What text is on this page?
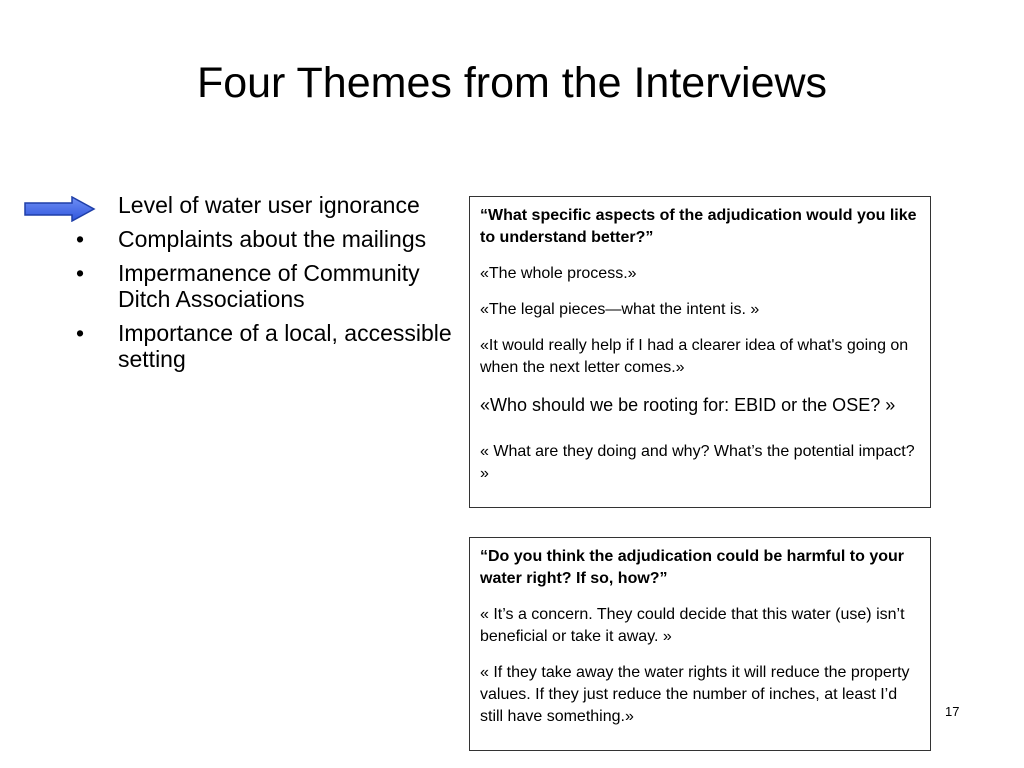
Four Themes from the Interviews
Level of water user ignorance
•	Complaints about the mailings
•	Impermanence of Community Ditch Associations
•	Importance of a local, accessible setting

“What specific aspects of the adjudication would you like to understand better?”

«The whole process.»

«The legal pieces—what the intent is. »

«It would really help if I had a clearer idea of what's going on when the next letter comes.»

«Who should we be rooting for: EBID or the OSE? »

« What are they doing and why? What’s the potential impact? »

“Do you think the adjudication could be harmful to your water right? If so, how?”

« It’s a concern. They could decide that this water (use) isn’t beneficial or take it away. »

« If they take away the water rights it will reduce the property values. If they just reduce the number of inches, at least I’d still have something.»	17
